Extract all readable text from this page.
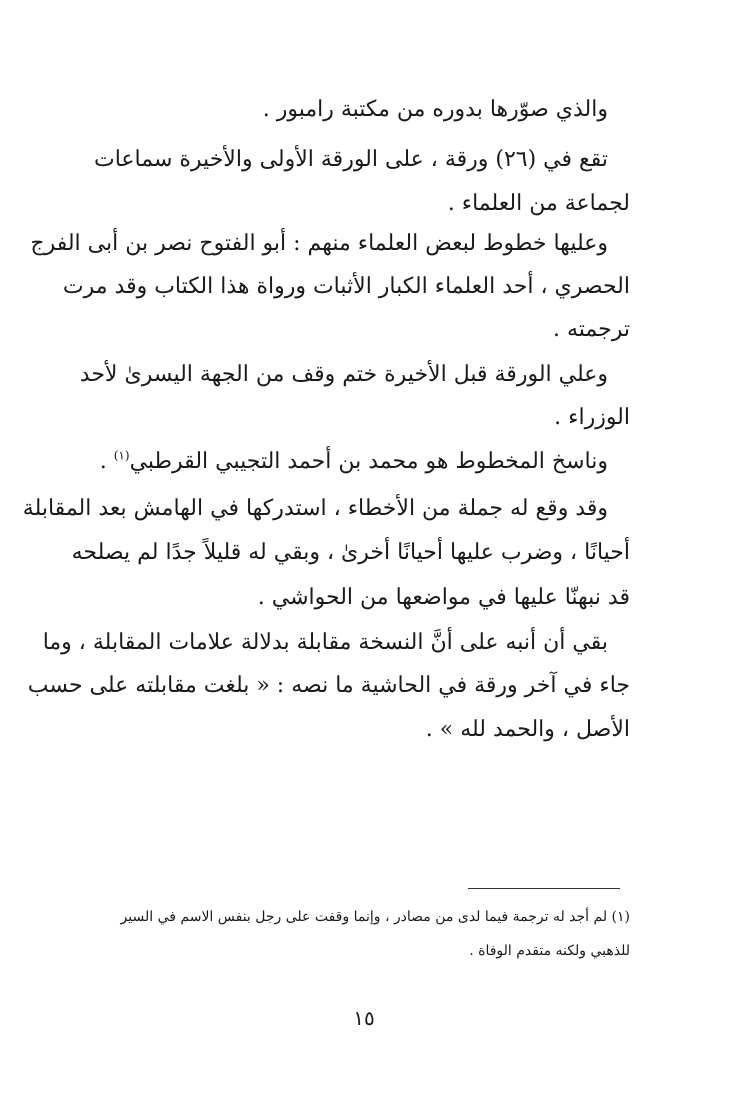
والذي صوّرها بدوره من مكتبة رامبور .
تقع في (٢٦) ورقة ، على الورقة الأولى والأخيرة سماعات
لجماعة من العلماء .
وعليها خطوط لبعض العلماء منهم : أبو الفتوح نصر بن أبى الفرج
الحصري ، أحد العلماء الكبار الأثبات ورواة هذا الكتاب وقد مرت
ترجمته .
وعلي الورقة قبل الأخيرة ختم وقف من الجهة اليسرىٰ لأحد
الوزراء .
وناسخ المخطوط هو محمد بن أحمد التجيبي القرطبي$^{(١)}$ .
وقد وقع له جملة من الأخطاء ، استدركها في الهامش بعد المقابلة
أحيانًا ، وضرب عليها أحيانًا أخرىٰ ، وبقي له قليلاً جدًا لم يصلحه
قد نبهنّا عليها في مواضعها من الحواشي .
بقي أن أنبه على أنَّ النسخة مقابلة بدلالة علامات المقابلة ، وما
جاء في آخر ورقة في الحاشية ما نصه : « بلغت مقابلته على حسب
الأصل ، والحمد لله » .
(١) لم أجد له ترجمة فيما لدى من مصادر ، وإنما وقفت على رجل بنفس الاسم في السير
للذهبي ولكنه متقدم الوفاة .
١٥
